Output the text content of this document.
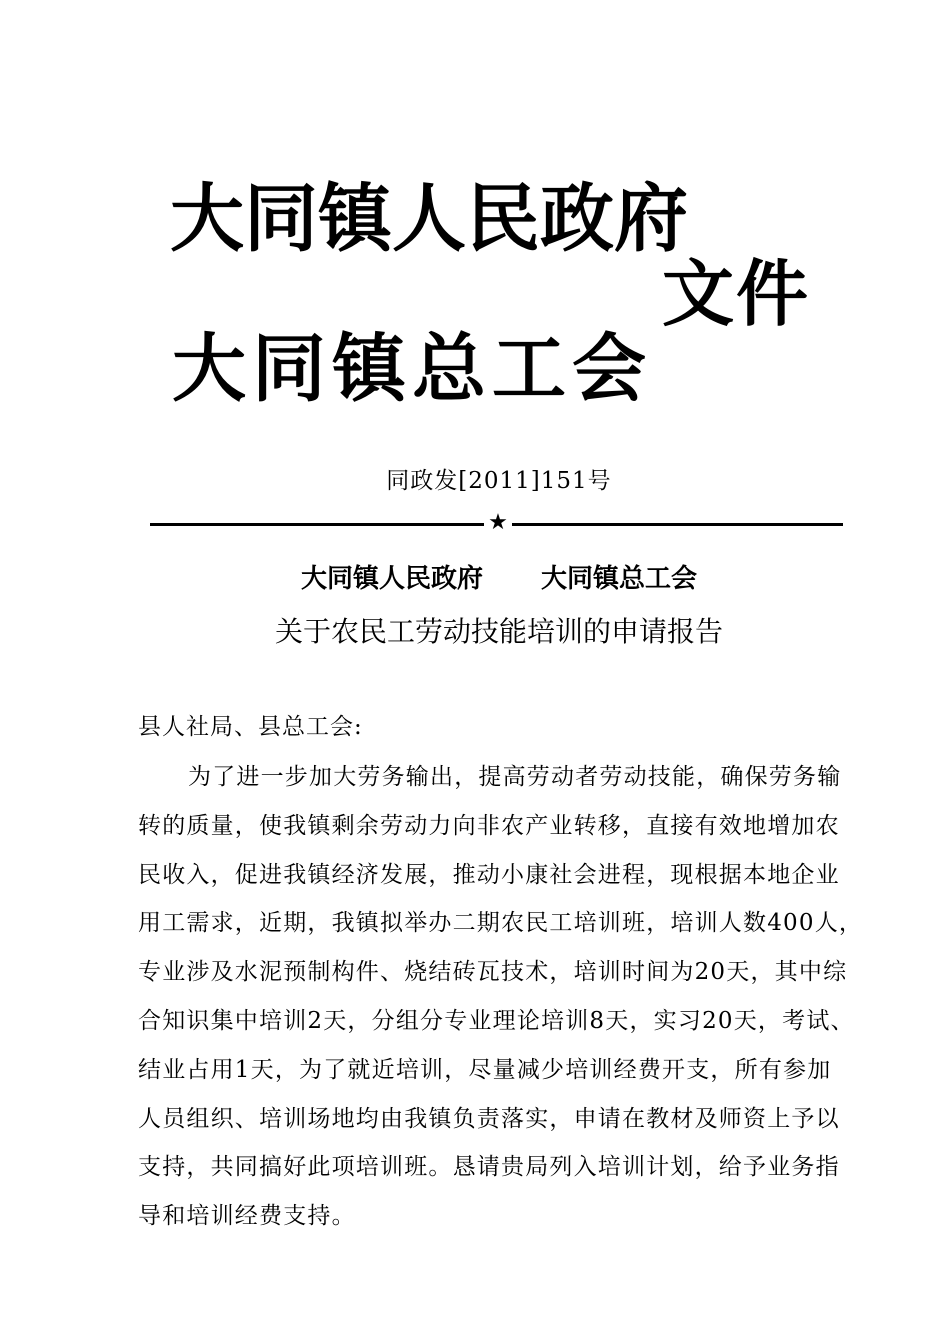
大同镇人民政府
文件
大同镇总工会
同政发[2011]151号
★
大同镇人民政府 大同镇总工会
关于农民工劳动技能培训的申请报告
县人社局、县总工会:
为了进一步加大劳务输出，提高劳动者劳动技能，确保劳务输
转的质量，使我镇剩余劳动力向非农产业转移，直接有效地增加农
民收入，促进我镇经济发展，推动小康社会进程，现根据本地企业
用工需求，近期，我镇拟举办二期农民工培训班，培训人数400人，
专业涉及水泥预制构件、烧结砖瓦技术，培训时间为20天，其中综
合知识集中培训2天，分组分专业理论培训8天，实习20天，考试、
结业占用1天，为了就近培训，尽量减少培训经费开支，所有参加
人员组织、培训场地均由我镇负责落实，申请在教材及师资上予以
支持，共同搞好此项培训班。恳请贵局列入培训计划，给予业务指
导和培训经费支持。
